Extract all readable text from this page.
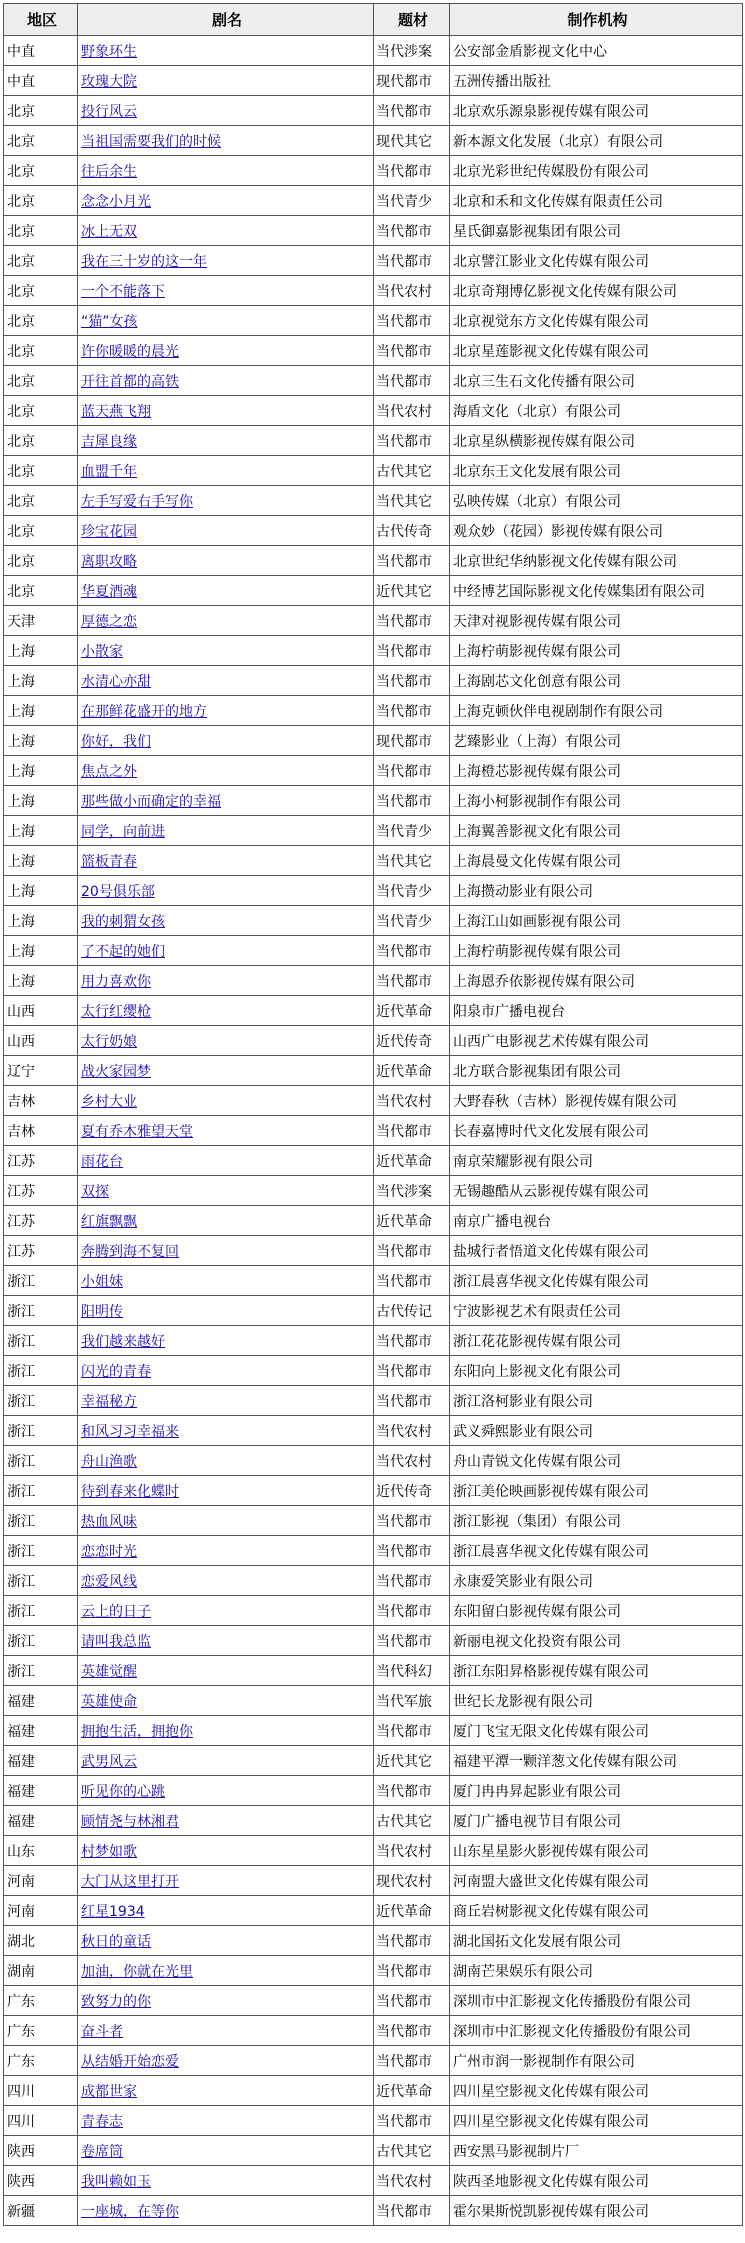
地区	剧名	题材	制作机构
中直	野象环生	当代涉案	公安部金盾影视文化中心
中直	玫瑰大院	现代都市	五洲传播出版社
北京	投行风云	当代都市	北京欢乐源泉影视传媒有限公司
北京	当祖国需要我们的时候	现代其它	新本源文化发展（北京）有限公司
北京	往后余生	当代都市	北京光彩世纪传媒股份有限公司
北京	念念小月光	当代青少	北京和禾和文化传媒有限责任公司
北京	冰上无双	当代都市	星氏御嘉影视集团有限公司
北京	我在三十岁的这一年	当代都市	北京譬江影业文化传媒有限公司
北京	一个不能落下	当代农村	北京奇翔博亿影视文化传媒有限公司
北京	“猫”女孩	当代都市	北京视觉东方文化传媒有限公司
北京	许你暖暖的晨光	当代都市	北京星莲影视文化传媒有限公司
北京	开往首都的高铁	当代都市	北京三生石文化传播有限公司
北京	蓝天燕飞翔	当代农村	海盾文化（北京）有限公司
北京	吉犀良缘	当代都市	北京星纵横影视传媒有限公司
北京	血盟千年	古代其它	北京东王文化发展有限公司
北京	左手写爱右手写你	当代其它	弘映传媒（北京）有限公司
北京	珍宝花园	古代传奇	观众妙（花园）影视传媒有限公司
北京	离职攻略	当代都市	北京世纪华纳影视文化传媒有限公司
北京	华夏酒魂	近代其它	中经博艺国际影视文化传媒集团有限公司
天津	厚德之恋	当代都市	天津对视影视传媒有限公司
上海	小散家	当代都市	上海柠萌影视传媒有限公司
上海	水清心亦甜	当代都市	上海剧芯文化创意有限公司
上海	在那鲜花盛开的地方	当代都市	上海克顿伙伴电视剧制作有限公司
上海	你好，我们	现代都市	艺臻影业（上海）有限公司
上海	焦点之外	当代都市	上海橙芯影视传媒有限公司
上海	那些做小而确定的幸福	当代都市	上海小柯影视制作有限公司
上海	同学，向前进	当代青少	上海翼善影视文化有限公司
上海	篮板青春	当代其它	上海晨曼文化传媒有限公司
上海	20号俱乐部	当代青少	上海攒动影业有限公司
上海	我的刺猬女孩	当代青少	上海江山如画影视有限公司
上海	了不起的她们	当代都市	上海柠萌影视传媒有限公司
上海	用力喜欢你	当代都市	上海恩乔依影视传媒有限公司
山西	太行红缨枪	近代革命	阳泉市广播电视台
山西	太行奶娘	近代传奇	山西广电影视艺术传媒有限公司
辽宁	战火家园梦	近代革命	北方联合影视集团有限公司
吉林	乡村大业	当代农村	大野春秋（吉林）影视传媒有限公司
吉林	夏有乔木雅望天堂	当代都市	长春嘉博时代文化发展有限公司
江苏	雨花台	近代革命	南京荣耀影视有限公司
江苏	双探	当代涉案	无锡趣酷从云影视传媒有限公司
江苏	红旗飘飘	近代革命	南京广播电视台
江苏	奔腾到海不复回	当代都市	盐城行者悟道文化传媒有限公司
浙江	小姐妹	当代都市	浙江晨喜华视文化传媒有限公司
浙江	阳明传	古代传记	宁波影视艺术有限责任公司
浙江	我们越来越好	当代都市	浙江花花影视传媒有限公司
浙江	闪光的青春	当代都市	东阳向上影视文化有限公司
浙江	幸福秘方	当代都市	浙江洛柯影业有限公司
浙江	和风习习幸福来	当代农村	武义舜熙影业有限公司
浙江	舟山渔歌	当代农村	舟山青锐文化传媒有限公司
浙江	待到春来化蝶时	近代传奇	浙江美伦映画影视传媒有限公司
浙江	热血风味	当代都市	浙江影视（集团）有限公司
浙江	恋恋时光	当代都市	浙江晨喜华视文化传媒有限公司
浙江	恋爱风线	当代都市	永康爱笑影业有限公司
浙江	云上的日子	当代都市	东阳留白影视传媒有限公司
浙江	请叫我总监	当代都市	新丽电视文化投资有限公司
浙江	英雄觉醒	当代科幻	浙江东阳昇格影视传媒有限公司
福建	英雄使命	当代军旅	世纪长龙影视有限公司
福建	拥抱生活，拥抱你	当代都市	厦门飞宝无限文化传媒有限公司
福建	武男风云	近代其它	福建平潭一颗洋葱文化传媒有限公司
福建	听见你的心跳	当代都市	厦门冉冉昇起影业有限公司
福建	顾情尧与林湘君	古代其它	厦门广播电视节目有限公司
山东	村梦如歌	当代农村	山东星星影火影视传媒有限公司
河南	大门从这里打开	现代农村	河南盟大盛世文化传媒有限公司
河南	红星1934	近代革命	商丘岩树影视文化传媒有限公司
湖北	秋日的童话	当代都市	湖北国拓文化发展有限公司
湖南	加油，你就在光里	当代都市	湖南芒果娱乐有限公司
广东	致努力的你	当代都市	深圳市中汇影视文化传播股份有限公司
广东	奋斗者	当代都市	深圳市中汇影视文化传播股份有限公司
广东	从结婚开始恋爱	当代都市	广州市润一影视制作有限公司
四川	成都世家	近代革命	四川星空影视文化传媒有限公司
四川	青春志	当代都市	四川星空影视文化传媒有限公司
陕西	卷席筒	古代其它	西安黑马影视制片厂
陕西	我叫赖如玉	当代农村	陕西圣地影视文化传媒有限公司
新疆	一座城，在等你	当代都市	霍尔果斯悦凯影视传媒有限公司
